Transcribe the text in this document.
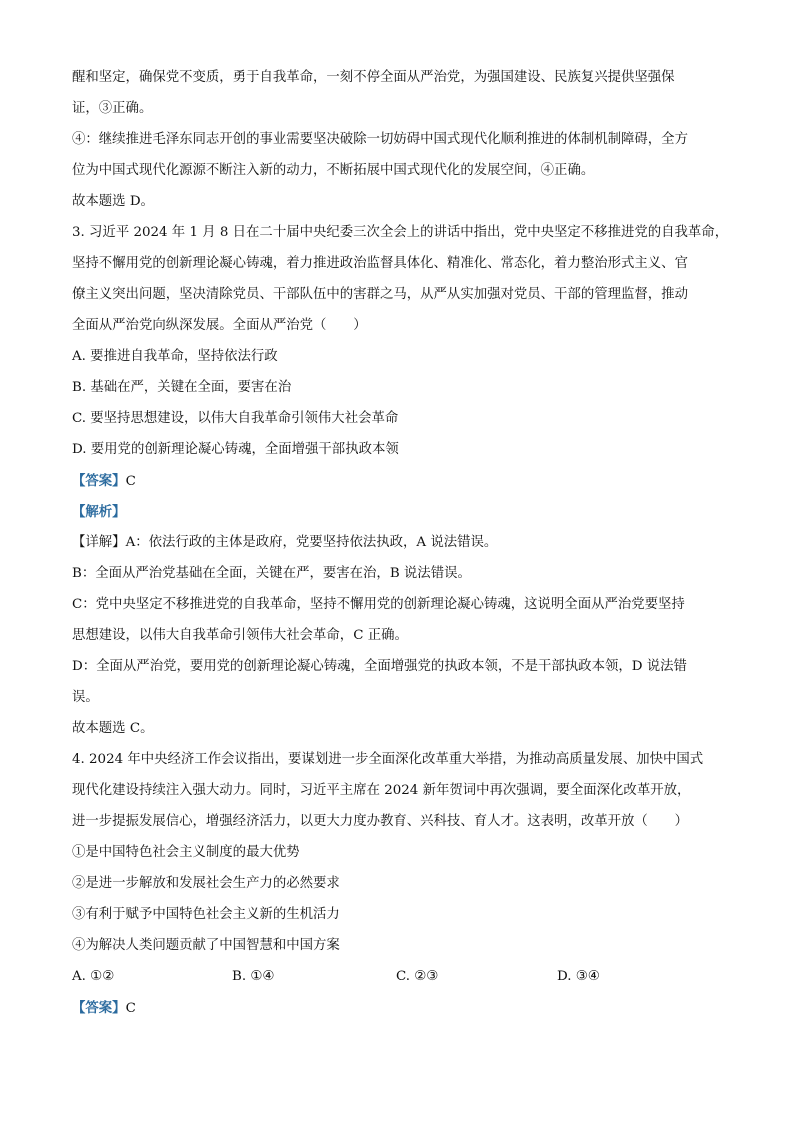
醒和坚定，确保党不变质，勇于自我革命，一刻不停全面从严治党，为强国建设、民族复兴提供坚强保
证，③正确。
④：继续推进毛泽东同志开创的事业需要坚决破除一切妨碍中国式现代化顺利推进的体制机制障碍，全方
位为中国式现代化源源不断注入新的动力，不断拓展中国式现代化的发展空间，④正确。
故本题选 D。
3. 习近平 2024 年 1 月 8 日在二十届中央纪委三次全会上的讲话中指出，党中央坚定不移推进党的自我革命，
坚持不懈用党的创新理论凝心铸魂，着力推进政治监督具体化、精准化、常态化，着力整治形式主义、官
僚主义突出问题，坚决清除党员、干部队伍中的害群之马，从严从实加强对党员、干部的管理监督，推动
全面从严治党向纵深发展。全面从严治党（　　）
A. 要推进自我革命，坚持依法行政
B. 基础在严，关键在全面，要害在治
C. 要坚持思想建设，以伟大自我革命引领伟大社会革命
D. 要用党的创新理论凝心铸魂，全面增强干部执政本领
【答案】C
【解析】
【详解】A：依法行政的主体是政府，党要坚持依法执政，A 说法错误。
B：全面从严治党基础在全面，关键在严，要害在治，B 说法错误。
C：党中央坚定不移推进党的自我革命，坚持不懈用党的创新理论凝心铸魂，这说明全面从严治党要坚持
思想建设，以伟大自我革命引领伟大社会革命，C 正确。
D：全面从严治党，要用党的创新理论凝心铸魂，全面增强党的执政本领，不是干部执政本领，D 说法错
误。
故本题选 C。
4. 2024 年中央经济工作会议指出，要谋划进一步全面深化改革重大举措，为推动高质量发展、加快中国式
现代化建设持续注入强大动力。同时，习近平主席在 2024 新年贺词中再次强调，要全面深化改革开放，
进一步提振发展信心，增强经济活力，以更大力度办教育、兴科技、育人才。这表明，改革开放（　　）
①是中国特色社会主义制度的最大优势
②是进一步解放和发展社会生产力的必然要求
③有利于赋予中国特色社会主义新的生机活力
④为解决人类问题贡献了中国智慧和中国方案
A. ①②	B. ①④	C. ②③	D. ③④
【答案】C
